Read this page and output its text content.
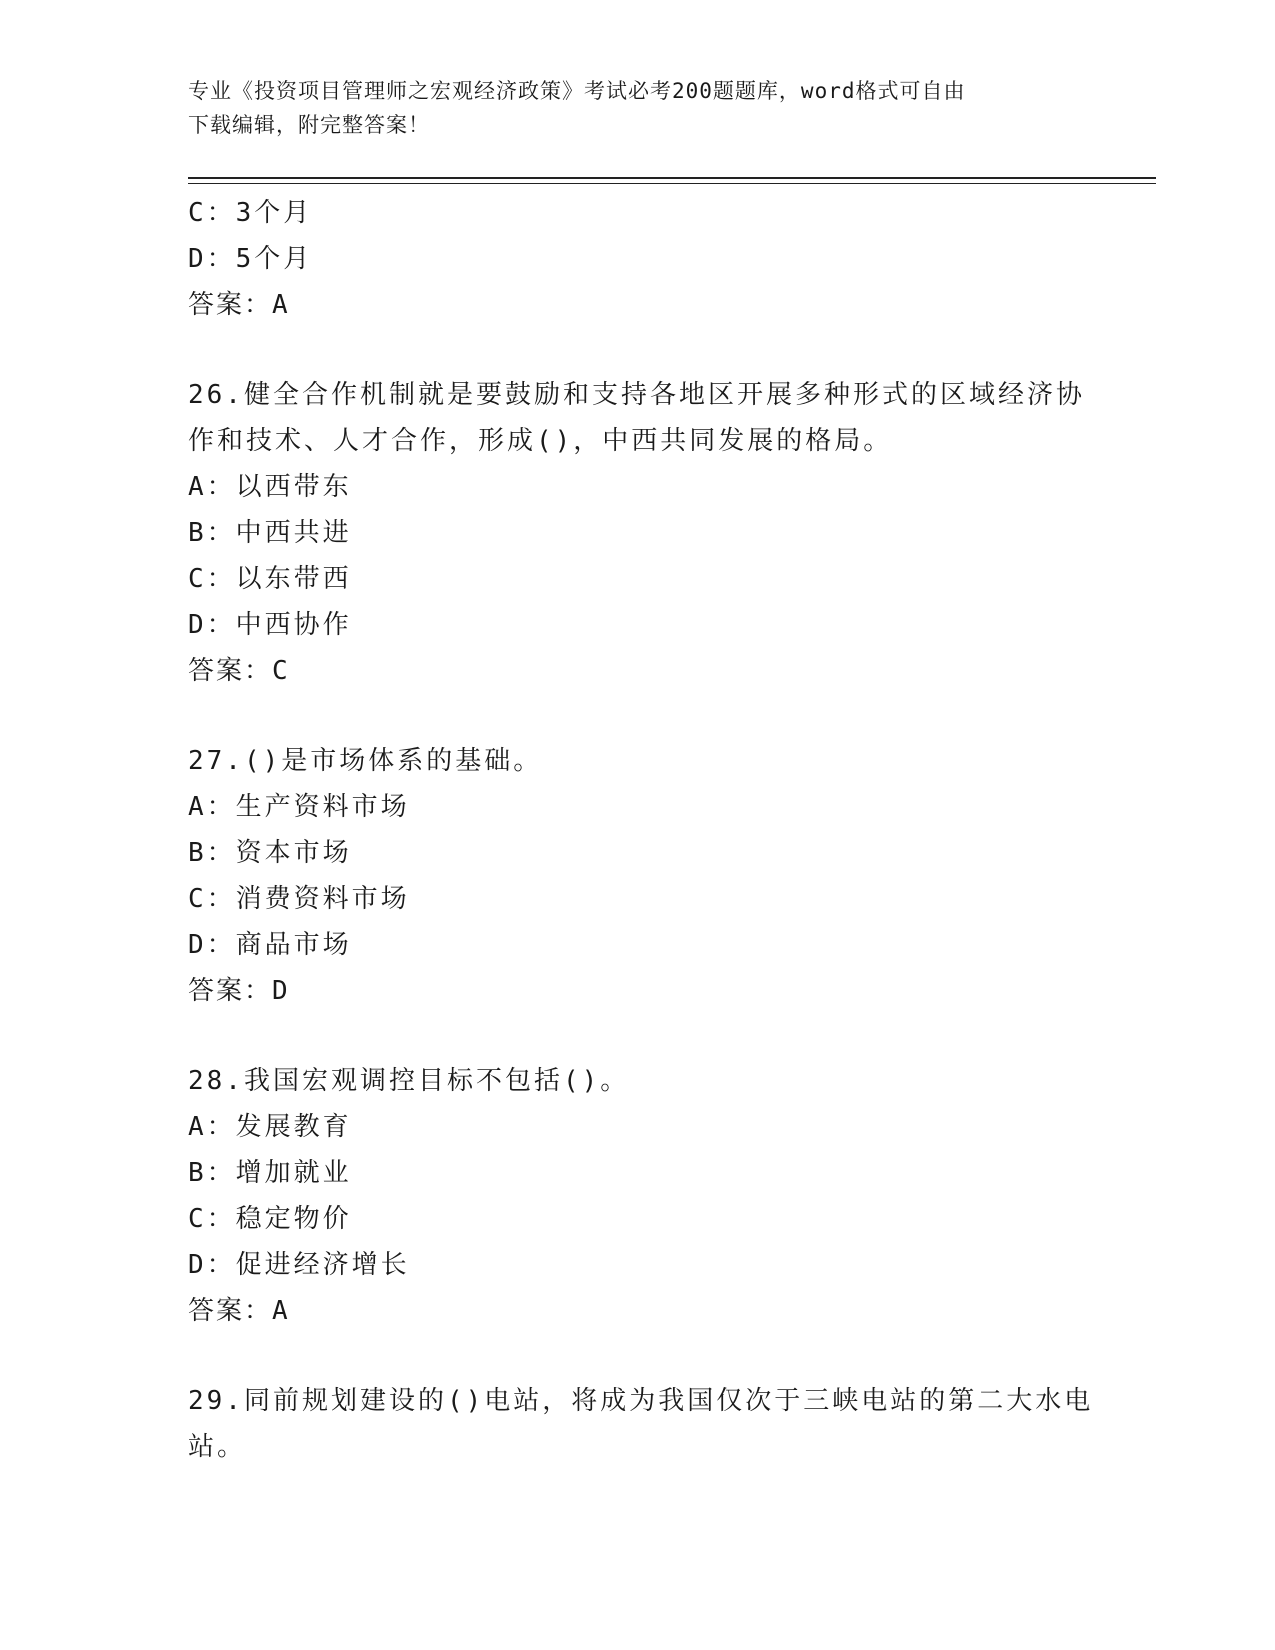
专业《投资项目管理师之宏观经济政策》考试必考200题题库，word格式可自由
下载编辑，附完整答案！
C：3个月
D：5个月
答案：A
26.健全合作机制就是要鼓励和支持各地区开展多种形式的区域经济协
作和技术、人才合作，形成()，中西共同发展的格局。
A：以西带东
B：中西共进
C：以东带西
D：中西协作
答案：C
27.()是市场体系的基础。
A：生产资料市场
B：资本市场
C：消费资料市场
D：商品市场
答案：D
28.我国宏观调控目标不包括()。
A：发展教育
B：增加就业
C：稳定物价
D：促进经济增长
答案：A
29.同前规划建设的()电站，将成为我国仅次于三峡电站的第二大水电
站。
